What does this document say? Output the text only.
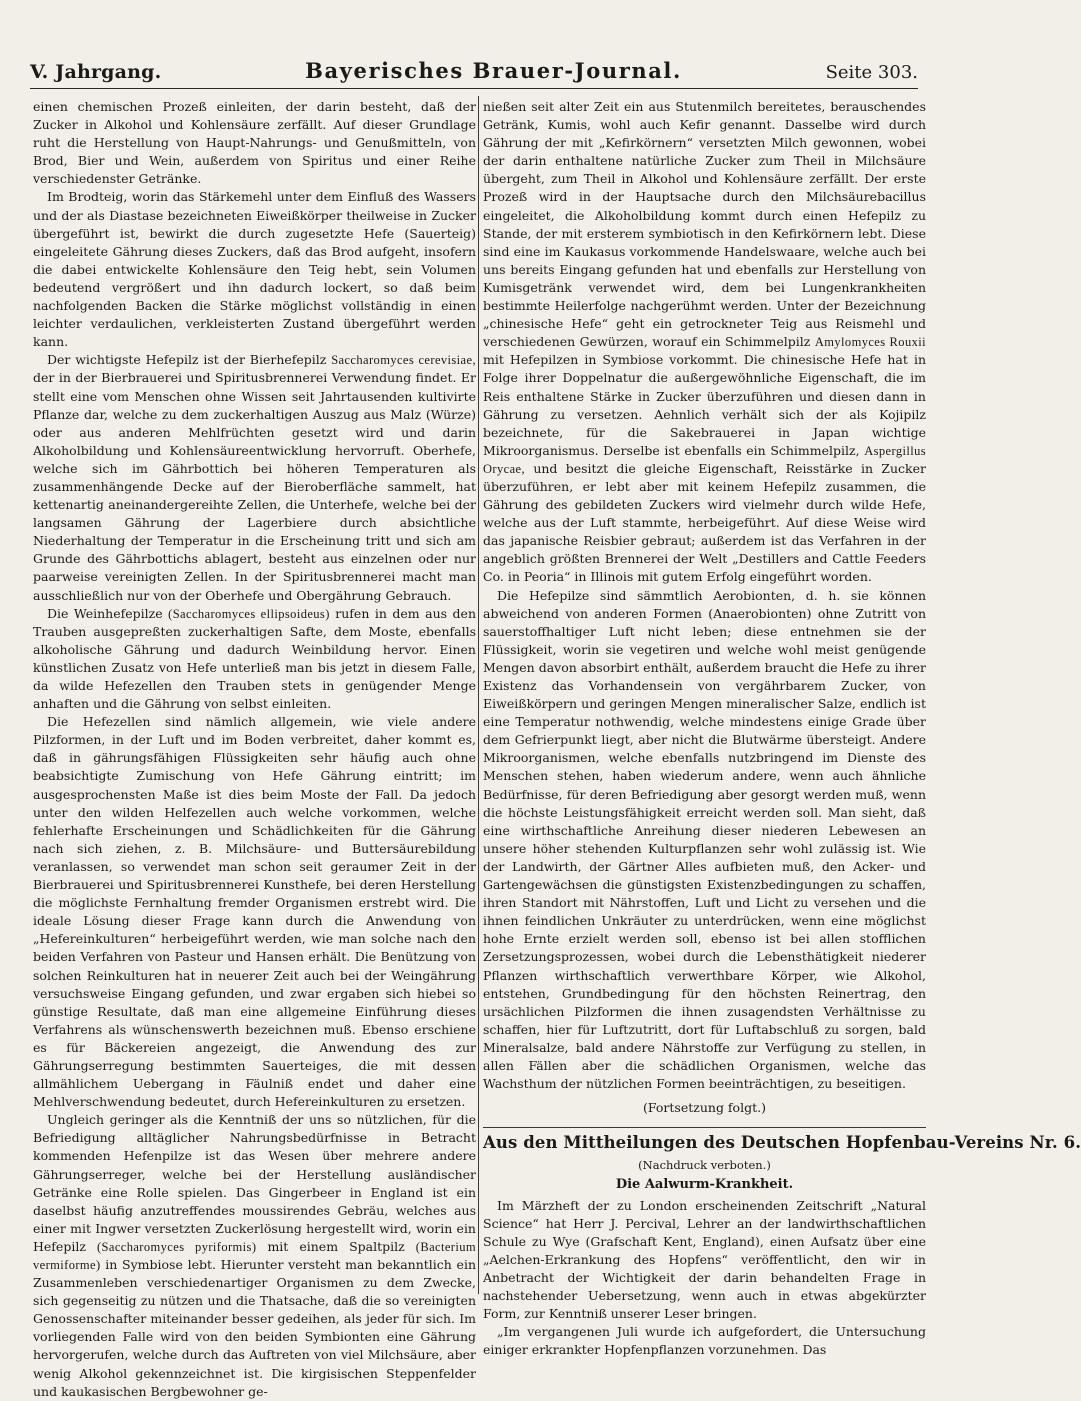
V. Jahrgang.	Bayerisches Brauer-Journal.	Seite 303.

einen chemischen Prozeß einleiten, der darin besteht, daß der Zucker in Alkohol und Kohlensäure zerfällt. Auf dieser Grundlage ruht die Herstellung von Haupt-Nahrungs- und Genußmitteln, von Brod, Bier und Wein, außerdem von Spiritus und einer Reihe verschiedenster Getränke.

Im Brodteig, worin das Stärkemehl unter dem Einfluß des Wassers und der als Diastase bezeichneten Eiweißkörper theilweise in Zucker übergeführt ist, bewirkt die durch zugesetzte Hefe (Sauerteig) eingeleitete Gährung dieses Zuckers, daß das Brod aufgeht, insofern die dabei entwickelte Kohlensäure den Teig hebt, sein Volumen bedeutend vergrößert und ihn dadurch lockert, so daß beim nachfolgenden Backen die Stärke möglichst vollständig in einen leichter verdaulichen, verkleisterten Zustand übergeführt werden kann.

Der wichtigste Hefepilz ist der Bierhefepilz Saccharomyces cerevisiae, der in der Bierbrauerei und Spiritusbrennerei Verwendung findet. Er stellt eine vom Menschen ohne Wissen seit Jahrtausenden kultivirte Pflanze dar, welche zu dem zuckerhaltigen Auszug aus Malz (Würze) oder aus anderen Mehlfrüchten gesetzt wird und darin Alkoholbildung und Kohlensäureentwicklung hervorruft. Oberhefe, welche sich im Gährbottich bei höheren Temperaturen als zusammenhängende Decke auf der Bieroberfläche sammelt, hat kettenartig aneinandergereihte Zellen, die Unterhefe, welche bei der langsamen Gährung der Lagerbiere durch absichtliche Niederhaltung der Temperatur in die Erscheinung tritt und sich am Grunde des Gährbottichs ablagert, besteht aus einzelnen oder nur paarweise vereinigten Zellen. In der Spiritusbrennerei macht man ausschließlich nur von der Oberhefe und Obergährung Gebrauch.

Die Weinhefepilze (Saccharomyces ellipsoideus) rufen in dem aus den Trauben ausgepreßten zuckerhaltigen Safte, dem Moste, ebenfalls alkoholische Gährung und dadurch Weinbildung hervor. Einen künstlichen Zusatz von Hefe unterließ man bis jetzt in diesem Falle, da wilde Hefezellen den Trauben stets in genügender Menge anhaften und die Gährung von selbst einleiten.

Die Hefezellen sind nämlich allgemein, wie viele andere Pilzformen, in der Luft und im Boden verbreitet, daher kommt es, daß in gährungsfähigen Flüssigkeiten sehr häufig auch ohne beabsichtigte Zumischung von Hefe Gährung eintritt; im ausgesprochensten Maße ist dies beim Moste der Fall. Da jedoch unter den wilden Helfezellen auch welche vorkommen, welche fehlerhafte Erscheinungen und Schädlichkeiten für die Gährung nach sich ziehen, z. B. Milchsäure- und Buttersäurebildung veranlassen, so verwendet man schon seit geraumer Zeit in der Bierbrauerei und Spiritusbrennerei Kunsthefe, bei deren Herstellung die möglichste Fernhaltung fremder Organismen erstrebt wird. Die ideale Lösung dieser Frage kann durch die Anwendung von „Hefereinkulturen“ herbeigeführt werden, wie man solche nach den beiden Verfahren von Pasteur und Hansen erhält. Die Benützung von solchen Reinkulturen hat in neuerer Zeit auch bei der Weingährung versuchsweise Eingang gefunden, und zwar ergaben sich hiebei so günstige Resultate, daß man eine allgemeine Einführung dieses Verfahrens als wünschenswerth bezeichnen muß. Ebenso erschiene es für Bäckereien angezeigt, die Anwendung des zur Gährungserregung bestimmten Sauerteiges, die mit dessen allmählichem Uebergang in Fäulniß endet und daher eine Mehlverschwendung bedeutet, durch Hefereinkulturen zu ersetzen.

Ungleich geringer als die Kenntniß der uns so nützlichen, für die Befriedigung alltäglicher Nahrungsbedürfnisse in Betracht kommenden Hefenpilze ist das Wesen über mehrere andere Gährungserreger, welche bei der Herstellung ausländischer Getränke eine Rolle spielen. Das Gingerbeer in England ist ein daselbst häufig anzutreffendes moussirendes Gebräu, welches aus einer mit Ingwer versetzten Zuckerlösung hergestellt wird, worin ein Hefepilz (Saccharomyces pyriformis) mit einem Spaltpilz (Bacterium vermiforme) in Symbiose lebt. Hierunter versteht man bekanntlich ein Zusammenleben verschiedenartiger Organismen zu dem Zwecke, sich gegenseitig zu nützen und die Thatsache, daß die so vereinigten Genossenschafter miteinander besser gedeihen, als jeder für sich. Im vorliegenden Falle wird von den beiden Symbionten eine Gährung hervorgerufen, welche durch das Auftreten von viel Milchsäure, aber wenig Alkohol gekennzeichnet ist. Die kirgisischen Steppenfelder und kaukasischen Bergbewohner ge-

nießen seit alter Zeit ein aus Stutenmilch bereitetes, berauschendes Getränk, Kumis, wohl auch Kefir genannt. Dasselbe wird durch Gährung der mit „Kefirkörnern“ versetzten Milch gewonnen, wobei der darin enthaltene natürliche Zucker zum Theil in Milchsäure übergeht, zum Theil in Alkohol und Kohlensäure zerfällt. Der erste Prozeß wird in der Hauptsache durch den Milchsäurebacillus eingeleitet, die Alkoholbildung kommt durch einen Hefepilz zu Stande, der mit ersterem symbiotisch in den Kefirkörnern lebt. Diese sind eine im Kaukasus vorkommende Handelswaare, welche auch bei uns bereits Eingang gefunden hat und ebenfalls zur Herstellung von Kumisgetränk verwendet wird, dem bei Lungenkrankheiten bestimmte Heilerfolge nachgerühmt werden. Unter der Bezeichnung „chinesische Hefe“ geht ein getrockneter Teig aus Reismehl und verschiedenen Gewürzen, worauf ein Schimmelpilz Amylomyces Rouxii mit Hefepilzen in Symbiose vorkommt. Die chinesische Hefe hat in Folge ihrer Doppelnatur die außergewöhnliche Eigenschaft, die im Reis enthaltene Stärke in Zucker überzuführen und diesen dann in Gährung zu versetzen. Aehnlich verhält sich der als Kojipilz bezeichnete, für die Sakebrauerei in Japan wichtige Mikroorganismus. Derselbe ist ebenfalls ein Schimmelpilz, Aspergillus Orycae, und besitzt die gleiche Eigenschaft, Reisstärke in Zucker überzuführen, er lebt aber mit keinem Hefepilz zusammen, die Gährung des gebildeten Zuckers wird vielmehr durch wilde Hefe, welche aus der Luft stammte, herbeigeführt. Auf diese Weise wird das japanische Reisbier gebraut; außerdem ist das Verfahren in der angeblich größten Brennerei der Welt „Destillers and Cattle Feeders Co. in Peoria“ in Illinois mit gutem Erfolg eingeführt worden.

Die Hefepilze sind sämmtlich Aerobionten, d. h. sie können abweichend von anderen Formen (Anaerobionten) ohne Zutritt von sauerstoffhaltiger Luft nicht leben; diese entnehmen sie der Flüssigkeit, worin sie vegetiren und welche wohl meist genügende Mengen davon absorbirt enthält, außerdem braucht die Hefe zu ihrer Existenz das Vorhandensein von vergährbarem Zucker, von Eiweißkörpern und geringen Mengen mineralischer Salze, endlich ist eine Temperatur nothwendig, welche mindestens einige Grade über dem Gefrierpunkt liegt, aber nicht die Blutwärme übersteigt. Andere Mikroorganismen, welche ebenfalls nutzbringend im Dienste des Menschen stehen, haben wiederum andere, wenn auch ähnliche Bedürfnisse, für deren Befriedigung aber gesorgt werden muß, wenn die höchste Leistungsfähigkeit erreicht werden soll. Man sieht, daß eine wirthschaftliche Anreihung dieser niederen Lebewesen an unsere höher stehenden Kulturpflanzen sehr wohl zulässig ist. Wie der Landwirth, der Gärtner Alles aufbieten muß, den Acker- und Gartengewächsen die günstigsten Existenzbedingungen zu schaffen, ihren Standort mit Nährstoffen, Luft und Licht zu versehen und die ihnen feindlichen Unkräuter zu unterdrücken, wenn eine möglichst hohe Ernte erzielt werden soll, ebenso ist bei allen stofflichen Zersetzungsprozessen, wobei durch die Lebensthätigkeit niederer Pflanzen wirthschaftlich verwerthbare Körper, wie Alkohol, entstehen, Grundbedingung für den höchsten Reinertrag, den ursächlichen Pilzformen die ihnen zusagendsten Verhältnisse zu schaffen, hier für Luftzutritt, dort für Luftabschluß zu sorgen, bald Mineralsalze, bald andere Nährstoffe zur Verfügung zu stellen, in allen Fällen aber die schädlichen Organismen, welche das Wachsthum der nützlichen Formen beeinträchtigen, zu beseitigen.

(Fortsetzung folgt.)
Aus den Mittheilungen des Deutschen Hopfenbau-Vereins Nr. 6.
(Nachdruck verboten.)
Die Aalwurm-Krankheit.

Im Märzheft der zu London erscheinenden Zeitschrift „Natural Science“ hat Herr J. Percival, Lehrer an der landwirthschaftlichen Schule zu Wye (Grafschaft Kent, England), einen Aufsatz über eine „Aelchen-Erkrankung des Hopfens“ veröffentlicht, den wir in Anbetracht der Wichtigkeit der darin behandelten Frage in nachstehender Uebersetzung, wenn auch in etwas abgekürzter Form, zur Kenntniß unserer Leser bringen.

„Im vergangenen Juli wurde ich aufgefordert, die Untersuchung einiger erkrankter Hopfenpflanzen vorzunehmen. Das
